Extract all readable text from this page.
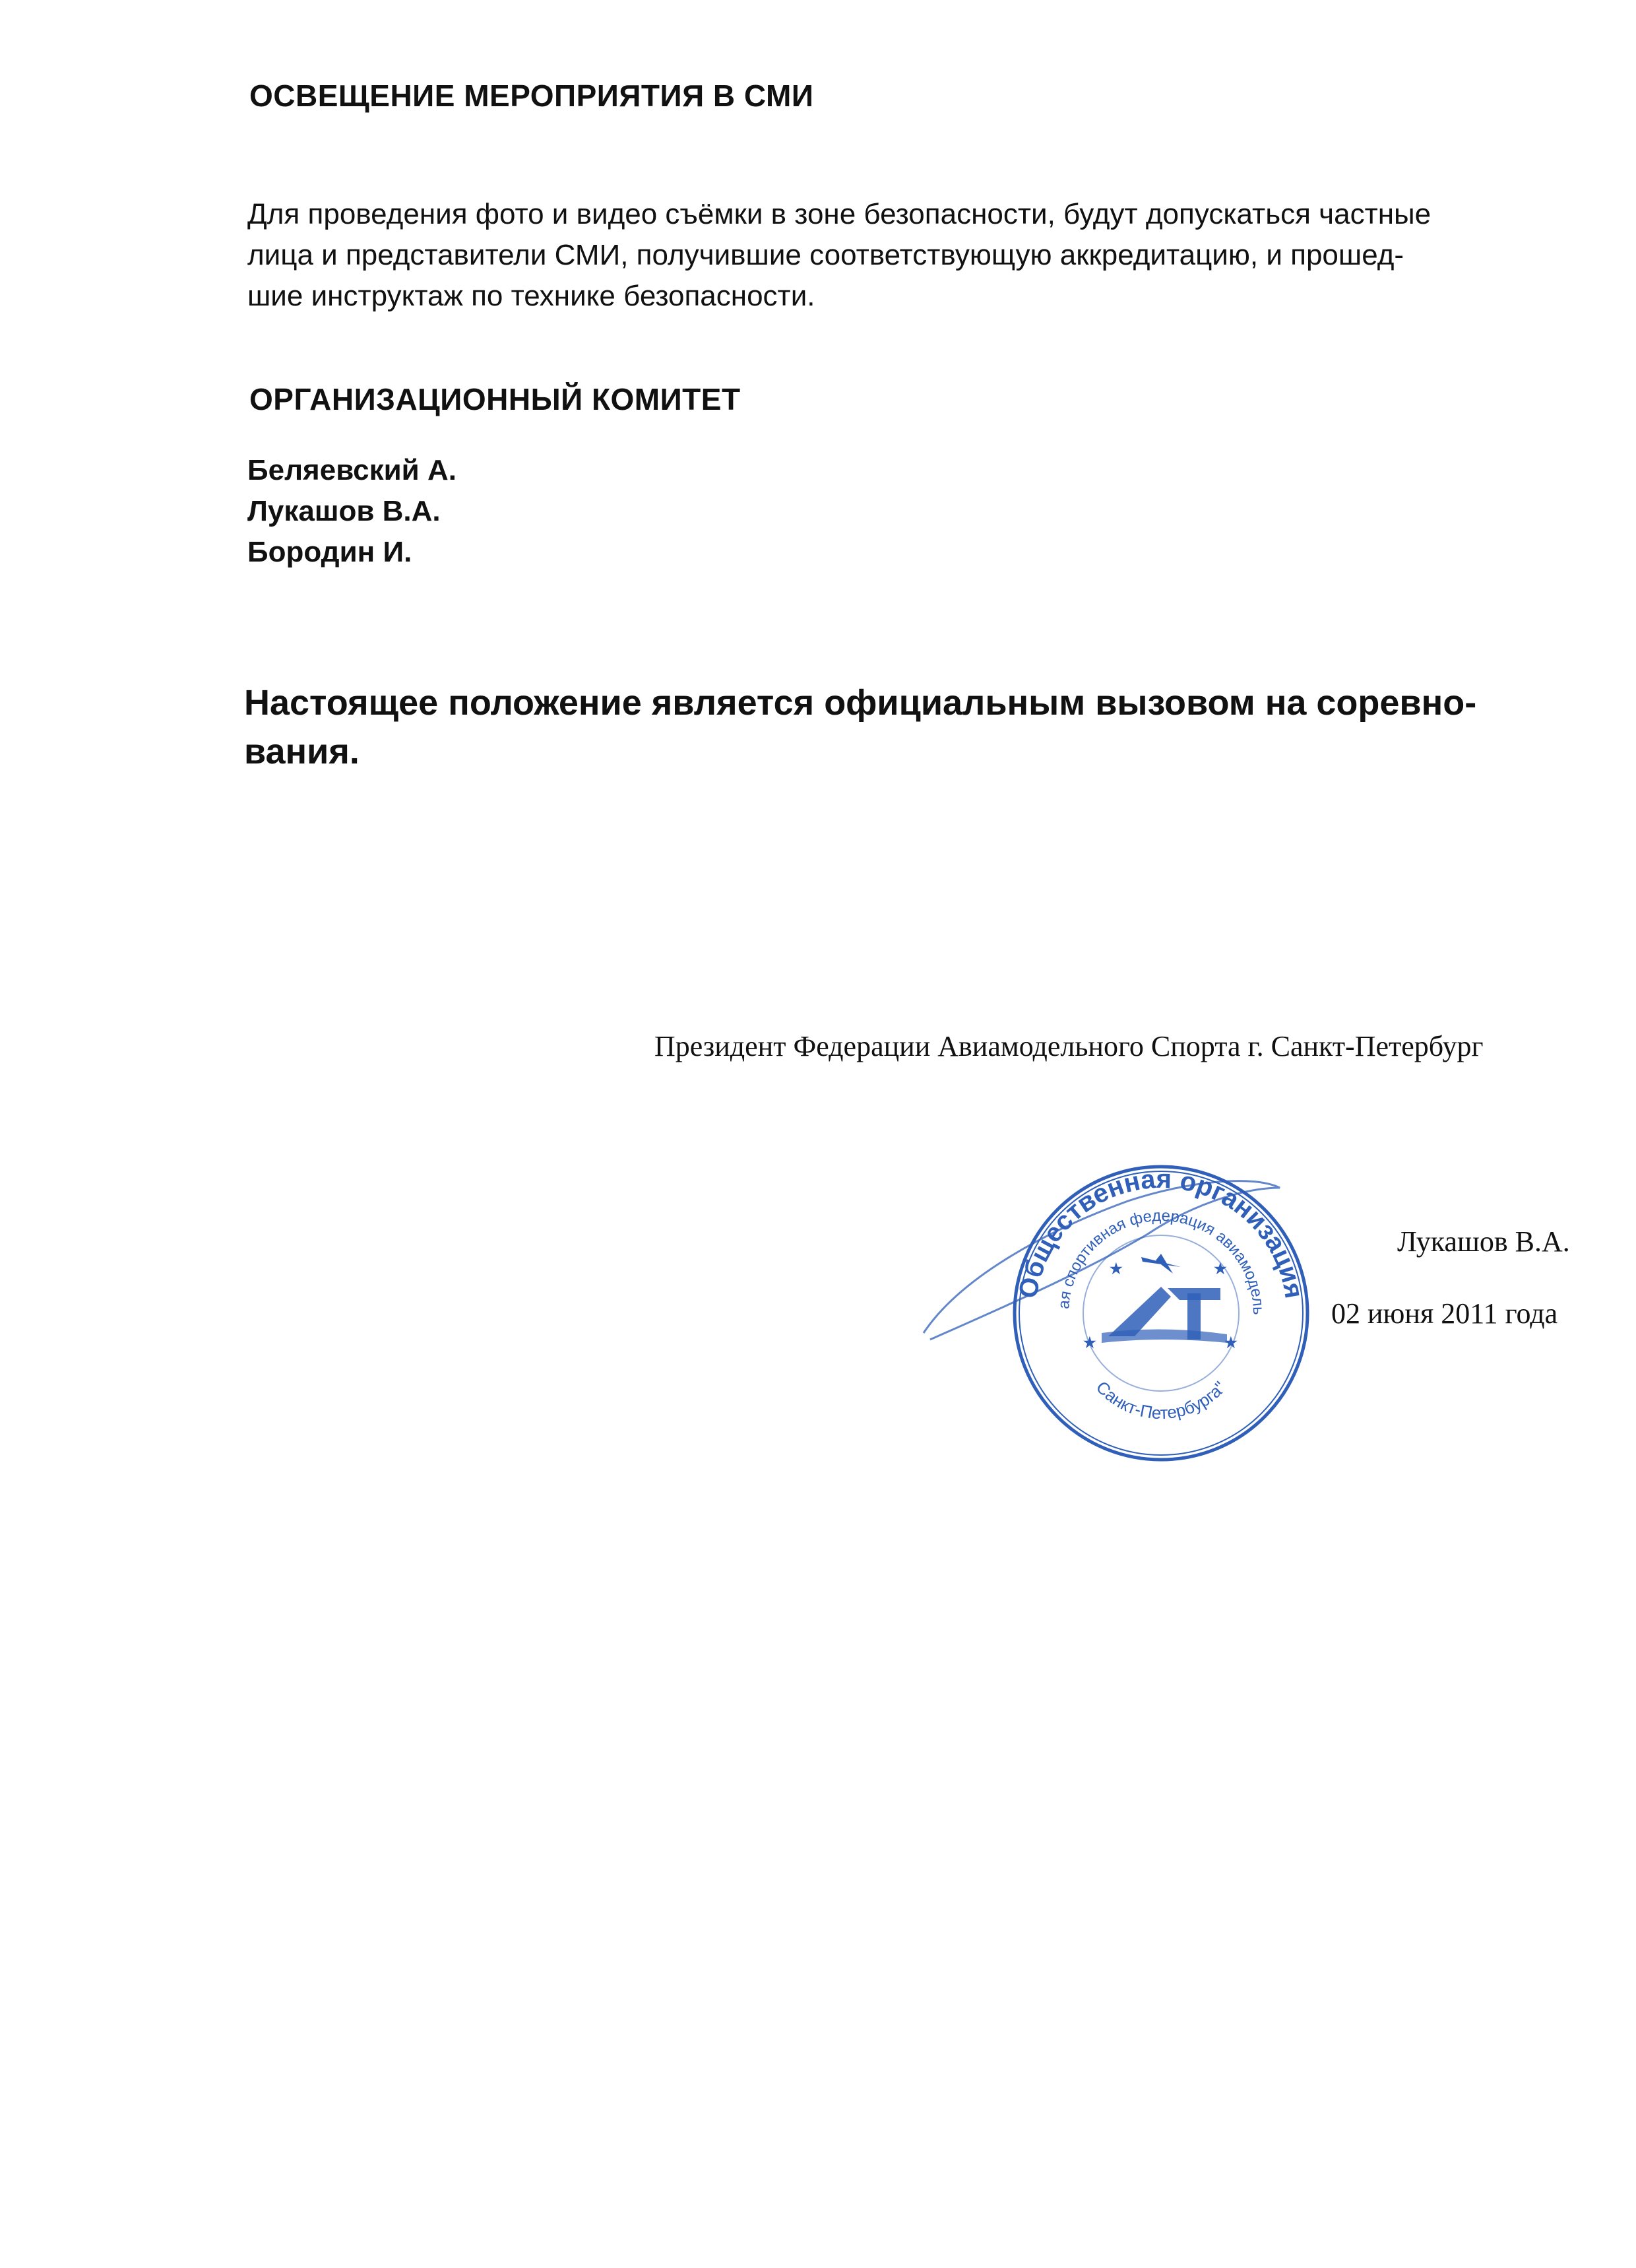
ОСВЕЩЕНИЕ МЕРОПРИЯТИЯ В СМИ
Для проведения фото и видео съёмки в зоне безопасности, будут допускаться частные
лица и представители СМИ, получившие соответствующую аккредитацию, и прошед-
шие инструктаж по технике безопасности.
ОРГАНИЗАЦИОННЫЙ КОМИТЕТ
Беляевский А.
Лукашов В.А.
Бородин И.
Настоящее положение является официальным вызовом на соревно-
вания.
Президент Федерации Авиамодельного Спорта г. Санкт-Петербург
Общественная организация
ая спортивная федерация авиамодель
Санкт-Петербурга"
★	★
★
★
Лукашов В.А.
02 июня 2011 года
